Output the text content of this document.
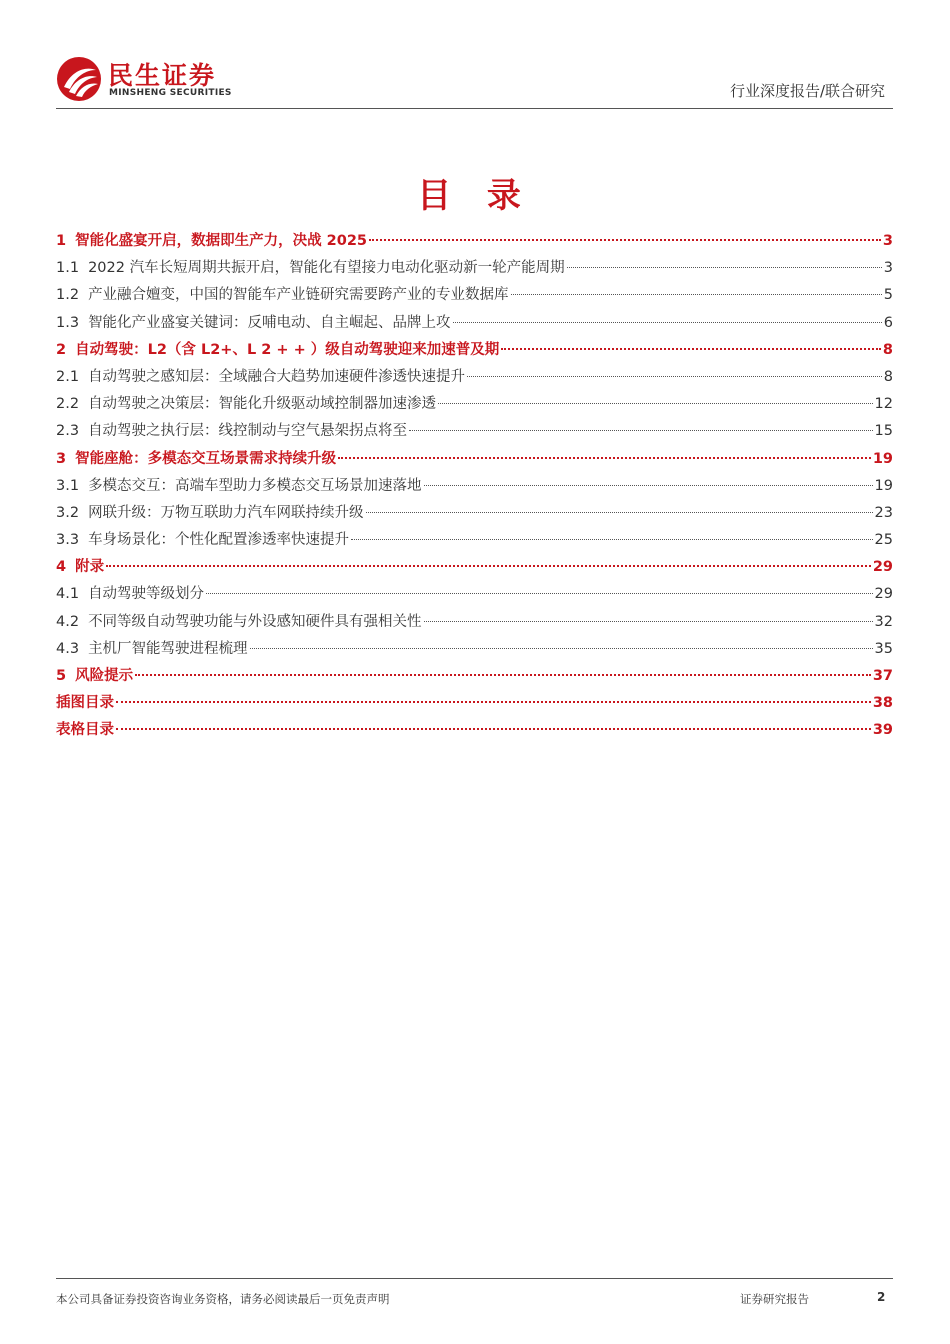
民生证券
MINSHENG SECURITIES	行业深度报告/联合研究
目 录
1 智能化盛宴开启，数据即生产力，决战 2025	3
1.1 2022 汽车长短周期共振开启，智能化有望接力电动化驱动新一轮产能周期	3
1.2 产业融合嬗变，中国的智能车产业链研究需要跨产业的专业数据库	5
1.3 智能化产业盛宴关键词：反哺电动、自主崛起、品牌上攻	6
2 自动驾驶：L2（含 L2+、L 2 + + ）级自动驾驶迎来加速普及期	8
2.1 自动驾驶之感知层：全域融合大趋势加速硬件渗透快速提升	8
2.2 自动驾驶之决策层：智能化升级驱动域控制器加速渗透	12
2.3 自动驾驶之执行层：线控制动与空气悬架拐点将至	15
3 智能座舱：多模态交互场景需求持续升级	19
3.1 多模态交互：高端车型助力多模态交互场景加速落地	19
3.2 网联升级：万物互联助力汽车网联持续升级	23
3.3 车身场景化：个性化配置渗透率快速提升	25
4 附录	29
4.1 自动驾驶等级划分	29
4.2 不同等级自动驾驶功能与外设感知硬件具有强相关性	32
4.3 主机厂智能驾驶进程梳理	35
5 风险提示	37
插图目录	38
表格目录	39
本公司具备证券投资咨询业务资格，请务必阅读最后一页免责声明	证券研究报告	2
